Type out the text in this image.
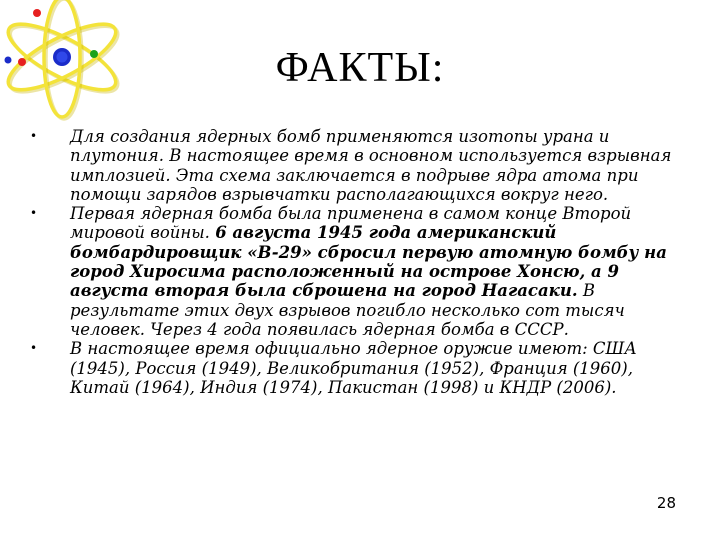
ФАКТЫ:
•	Для создания ядерных бомб применяются изотопы урана и плутония. В настоящее время в основном используется взрывная имплозией. Эта схема заключается в подрыве ядра атома при помощи зарядов взрывчатки располагающихся вокруг него.
•	Первая ядерная бомба была применена в самом конце Второй мировой войны. 6 августа 1945 года американский бомбардировщик «B-29» сбросил первую атомную бомбу на город Хиросима расположенный на острове Хонсю, а 9 августа вторая была сброшена на город Нагасаки. В результате этих двух взрывов погибло несколько сот тысяч человек. Через 4 года появилась ядерная бомба в СССР.
•	В настоящее время официально ядерное оружие имеют: США (1945), Россия (1949), Великобритания (1952), Франция (1960), Китай (1964), Индия (1974), Пакистан (1998) и КНДР (2006).
28
